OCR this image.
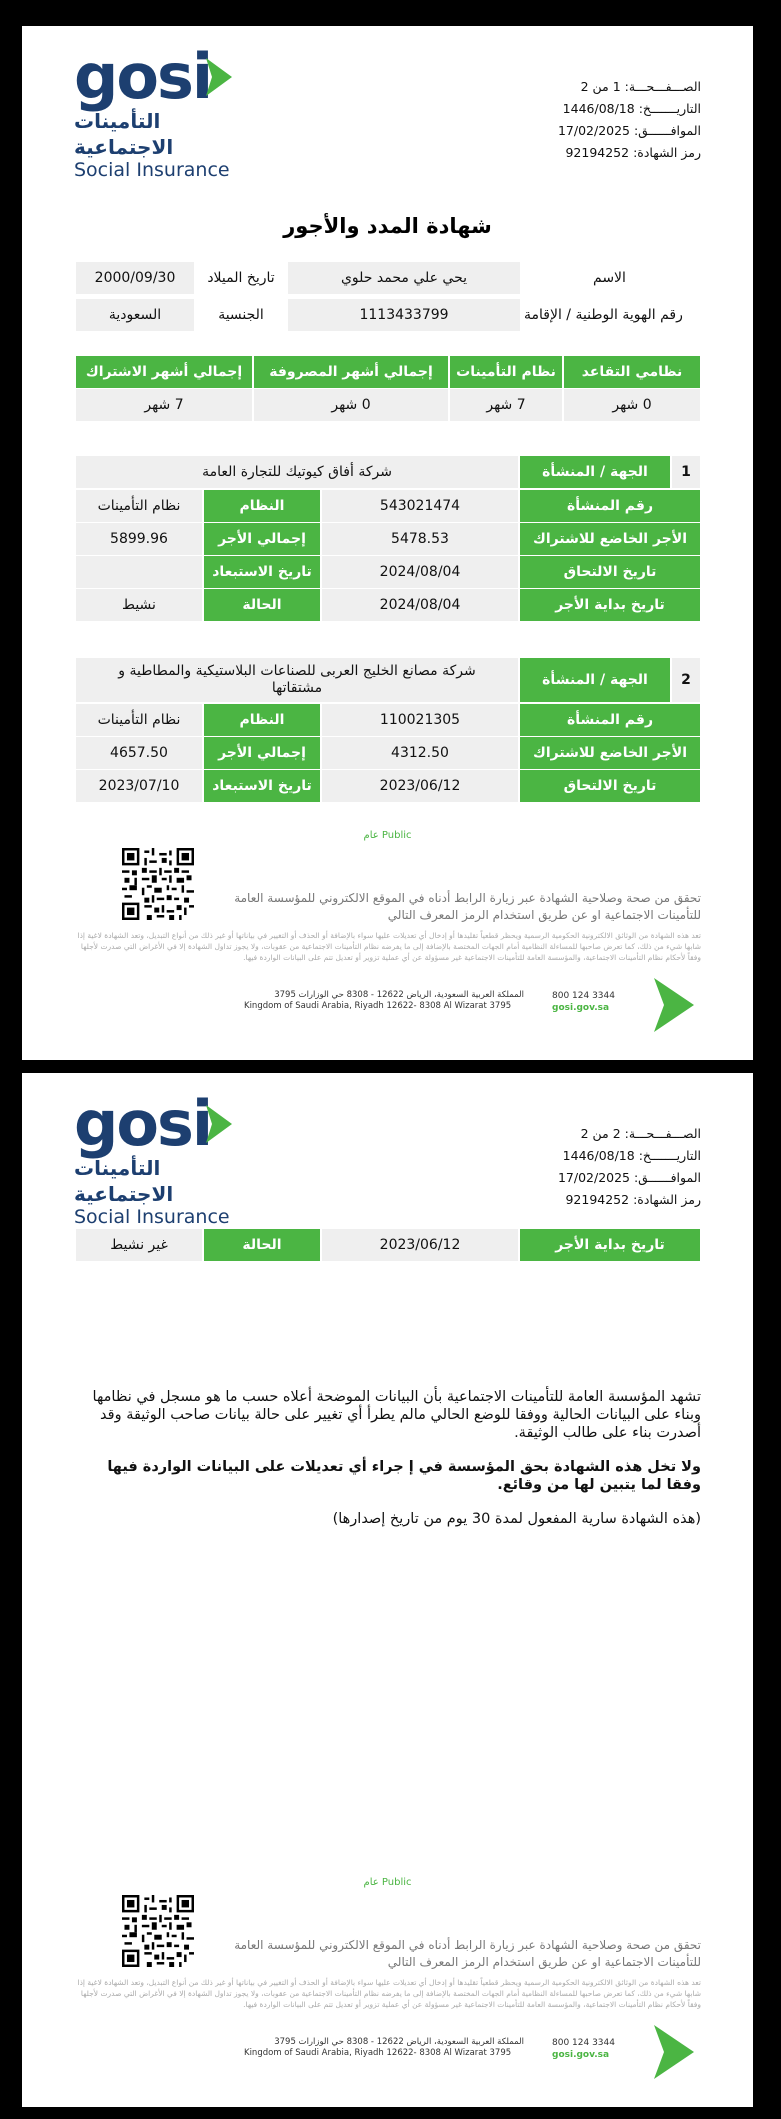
gosi
التأمينات الاجتماعية
Social Insurance
الصـــفـــحـــة: 1 من 2
التاريـــــــخ: 1446/08/18
الموافــــــق: 17/02/2025
رمز الشهادة: 92194252
شهادة المدد والأجور
الاسم
يحي علي محمد حلوي
تاريخ الميلاد
2000/09/30
رقم الهوية الوطنية / الإقامة
1113433799
الجنسية
السعودية
نظامي التقاعد
نظام التأمينات
إجمالي أشهر المصروفة
إجمالي أشهر الاشتراك
0 شهر
7 شهر
0 شهر
7 شهر
1
الجهة / المنشأة
شركة أفاق كيوتيك للتجارة العامة
رقم المنشأة
543021474
النظام
نظام التأمينات
الأجر الخاضع للاشتراك
5478.53
إجمالي الأجر
5899.96
تاريخ الالتحاق
2024/08/04
تاريخ الاستبعاد
تاريخ بداية الأجر
2024/08/04
الحالة
نشيط
2
الجهة / المنشأة
شركة مصانع الخليج العربى للصناعات البلاستيكية والمطاطية و مشتقاتها
رقم المنشأة
110021305
النظام
نظام التأمينات
الأجر الخاضع للاشتراك
4312.50
إجمالي الأجر
4657.50
تاريخ الالتحاق
2023/06/12
تاريخ الاستبعاد
2023/07/10
عام Public
تحقق من صحة وصلاحية الشهادة عبر زيارة الرابط أدناه في الموقع الالكتروني للمؤسسة العامة للتأمينات الاجتماعية او عن طريق استخدام الرمز المعرف التالي
تعد هذه الشهادة من الوثائق الالكترونية الحكومية الرسمية ويحظر قطعياً تقليدها أو إدخال أي تعديلات عليها سواء بالإضافة أو الحذف أو التغيير في بياناتها أو غير ذلك من أنواع التبديل، وتعد الشهادة لاغية إذا شابها شيء من ذلك، كما تعرض صاحبها للمساءلة النظامية أمام الجهات المختصة بالإضافة إلى ما يفرضه نظام التأمينات الاجتماعية من عقوبات، ولا يجوز تداول الشهادة إلا في الأغراض التي صدرت لأجلها وفقاً لأحكام نظام التأمينات الاجتماعية، والمؤسسة العامة للتأمينات الاجتماعية غير مسؤولة عن أي عملية تزوير أو تعديل تتم على البيانات الواردة فيها.
المملكة العربية السعودية، الرياض 12622 - 8308 حي الوزارات 3795
Kingdom of Saudi Arabia, Riyadh 12622- 8308 Al Wizarat 3795
800 124 3344
gosi.gov.sa
gosi
التأمينات الاجتماعية
Social Insurance
الصـــفـــحـــة: 2 من 2
التاريـــــــخ: 1446/08/18
الموافــــــق: 17/02/2025
رمز الشهادة: 92194252
تاريخ بداية الأجر
2023/06/12
الحالة
غير نشيط
تشهد المؤسسة العامة للتأمينات الاجتماعية بأن البيانات الموضحة أعلاه حسب ما هو مسجل في نظامها وبناء على البيانات الحالية ووفقا للوضع الحالي مالم يطرأ أي تغيير على حالة بيانات صاحب الوثيقة وقد أصدرت بناء على طالب الوثيقة.
ولا تخل هذه الشهادة بحق المؤسسة في إ جراء أي تعديلات على البيانات الواردة فيها وفقا لما يتبين لها من وقائع.
(هذه الشهادة سارية المفعول لمدة 30 يوم من تاريخ إصدارها)
عام Public
تحقق من صحة وصلاحية الشهادة عبر زيارة الرابط أدناه في الموقع الالكتروني للمؤسسة العامة للتأمينات الاجتماعية او عن طريق استخدام الرمز المعرف التالي
تعد هذه الشهادة من الوثائق الالكترونية الحكومية الرسمية ويحظر قطعياً تقليدها أو إدخال أي تعديلات عليها سواء بالإضافة أو الحذف أو التغيير في بياناتها أو غير ذلك من أنواع التبديل، وتعد الشهادة لاغية إذا شابها شيء من ذلك، كما تعرض صاحبها للمساءلة النظامية أمام الجهات المختصة بالإضافة إلى ما يفرضه نظام التأمينات الاجتماعية من عقوبات، ولا يجوز تداول الشهادة إلا في الأغراض التي صدرت لأجلها وفقاً لأحكام نظام التأمينات الاجتماعية، والمؤسسة العامة للتأمينات الاجتماعية غير مسؤولة عن أي عملية تزوير أو تعديل تتم على البيانات الواردة فيها.
المملكة العربية السعودية، الرياض 12622 - 8308 حي الوزارات 3795
Kingdom of Saudi Arabia, Riyadh 12622- 8308 Al Wizarat 3795
800 124 3344
gosi.gov.sa
